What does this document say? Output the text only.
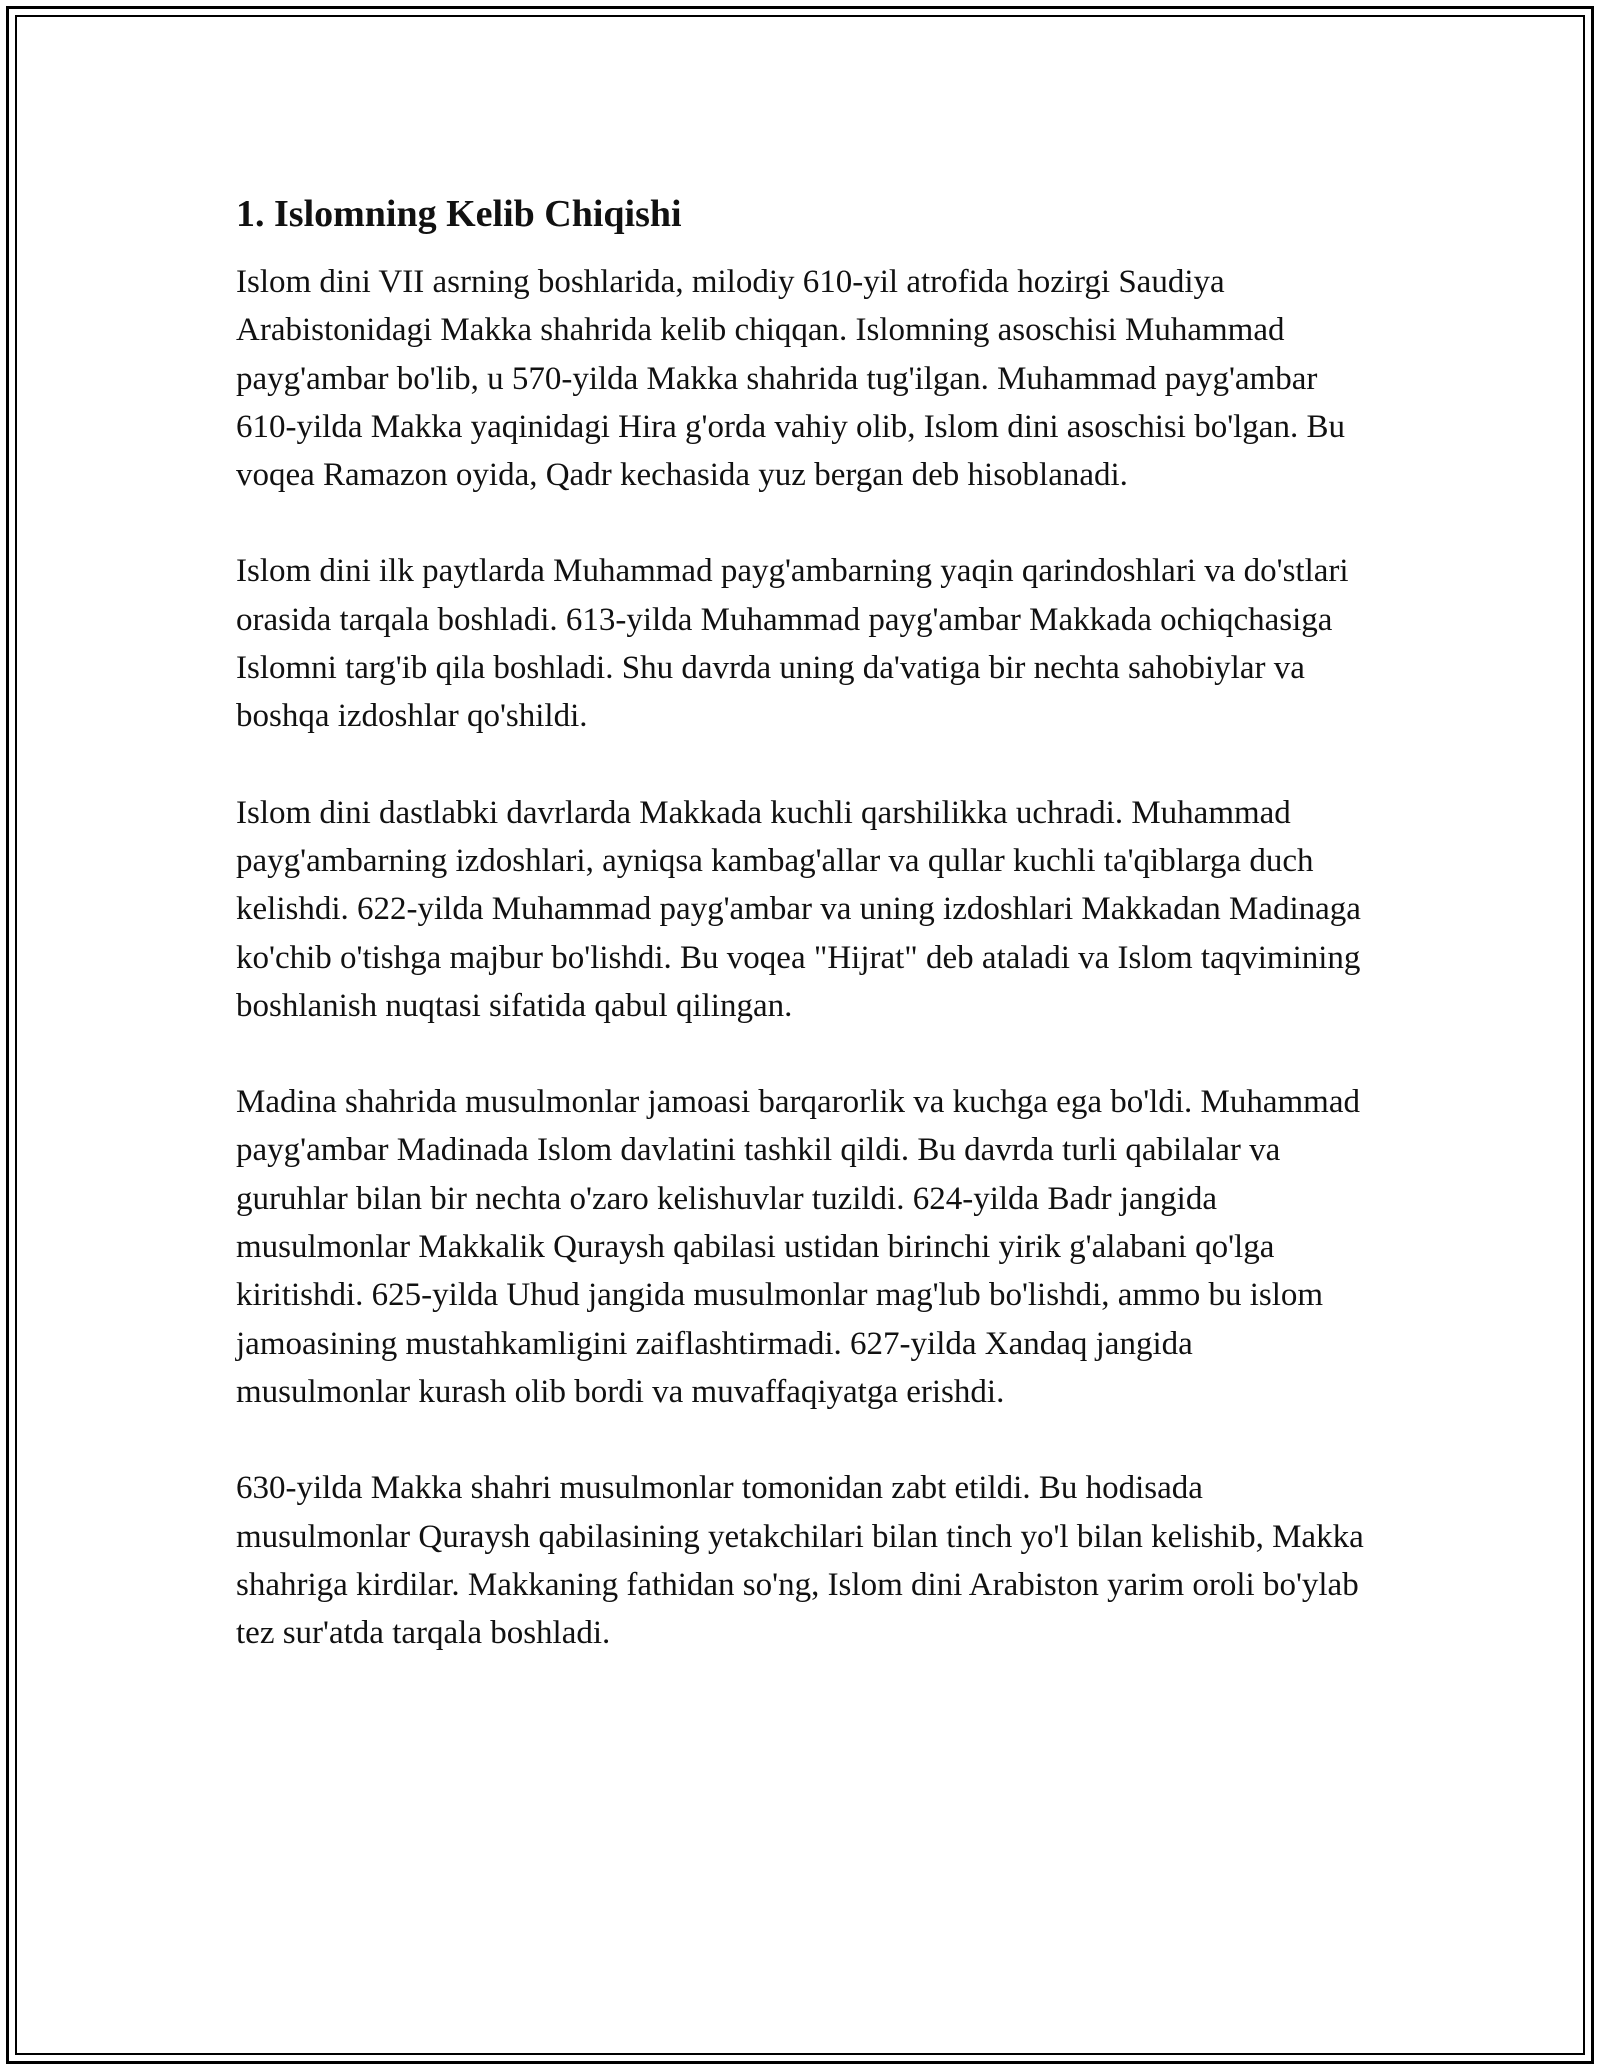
1. Islomning Kelib Chiqishi

Islom dini VII asrning boshlarida, milodiy 610-yil atrofida hozirgi Saudiya Arabistonidagi Makka shahrida kelib chiqqan. Islomning asoschisi Muhammad payg'ambar bo'lib, u 570-yilda Makka shahrida tug'ilgan. Muhammad payg'ambar 610-yilda Makka yaqinidagi Hira g'orda vahiy olib, Islom dini asoschisi bo'lgan. Bu voqea Ramazon oyida, Qadr kechasida yuz bergan deb hisoblanadi.

Islom dini ilk paytlarda Muhammad payg'ambarning yaqin qarindoshlari va do'stlari orasida tarqala boshladi. 613-yilda Muhammad payg'ambar Makkada ochiqchasiga Islomni targ'ib qila boshladi. Shu davrda uning da'vatiga bir nechta sahobiylar va boshqa izdoshlar qo'shildi.

Islom dini dastlabki davrlarda Makkada kuchli qarshilikka uchradi. Muhammad payg'ambarning izdoshlari, ayniqsa kambag'allar va qullar kuchli ta'qiblarga duch kelishdi. 622-yilda Muhammad payg'ambar va uning izdoshlari Makkadan Madinaga ko'chib o'tishga majbur bo'lishdi. Bu voqea "Hijrat" deb ataladi va Islom taqvimining boshlanish nuqtasi sifatida qabul qilingan.

Madina shahrida musulmonlar jamoasi barqarorlik va kuchga ega bo'ldi. Muhammad payg'ambar Madinada Islom davlatini tashkil qildi. Bu davrda turli qabilalar va guruhlar bilan bir nechta o'zaro kelishuvlar tuzildi. 624-yilda Badr jangida musulmonlar Makkalik Quraysh qabilasi ustidan birinchi yirik g'alabani qo'lga kiritishdi. 625-yilda Uhud jangida musulmonlar mag'lub bo'lishdi, ammo bu islom jamoasining mustahkamligini zaiflashtirmadi. 627-yilda Xandaq jangida musulmonlar kurash olib bordi va muvaffaqiyatga erishdi.

630-yilda Makka shahri musulmonlar tomonidan zabt etildi. Bu hodisada musulmonlar Quraysh qabilasining yetakchilari bilan tinch yo'l bilan kelishib, Makka shahriga kirdilar. Makkaning fathidan so'ng, Islom dini Arabiston yarim oroli bo'ylab tez sur'atda tarqala boshladi.
